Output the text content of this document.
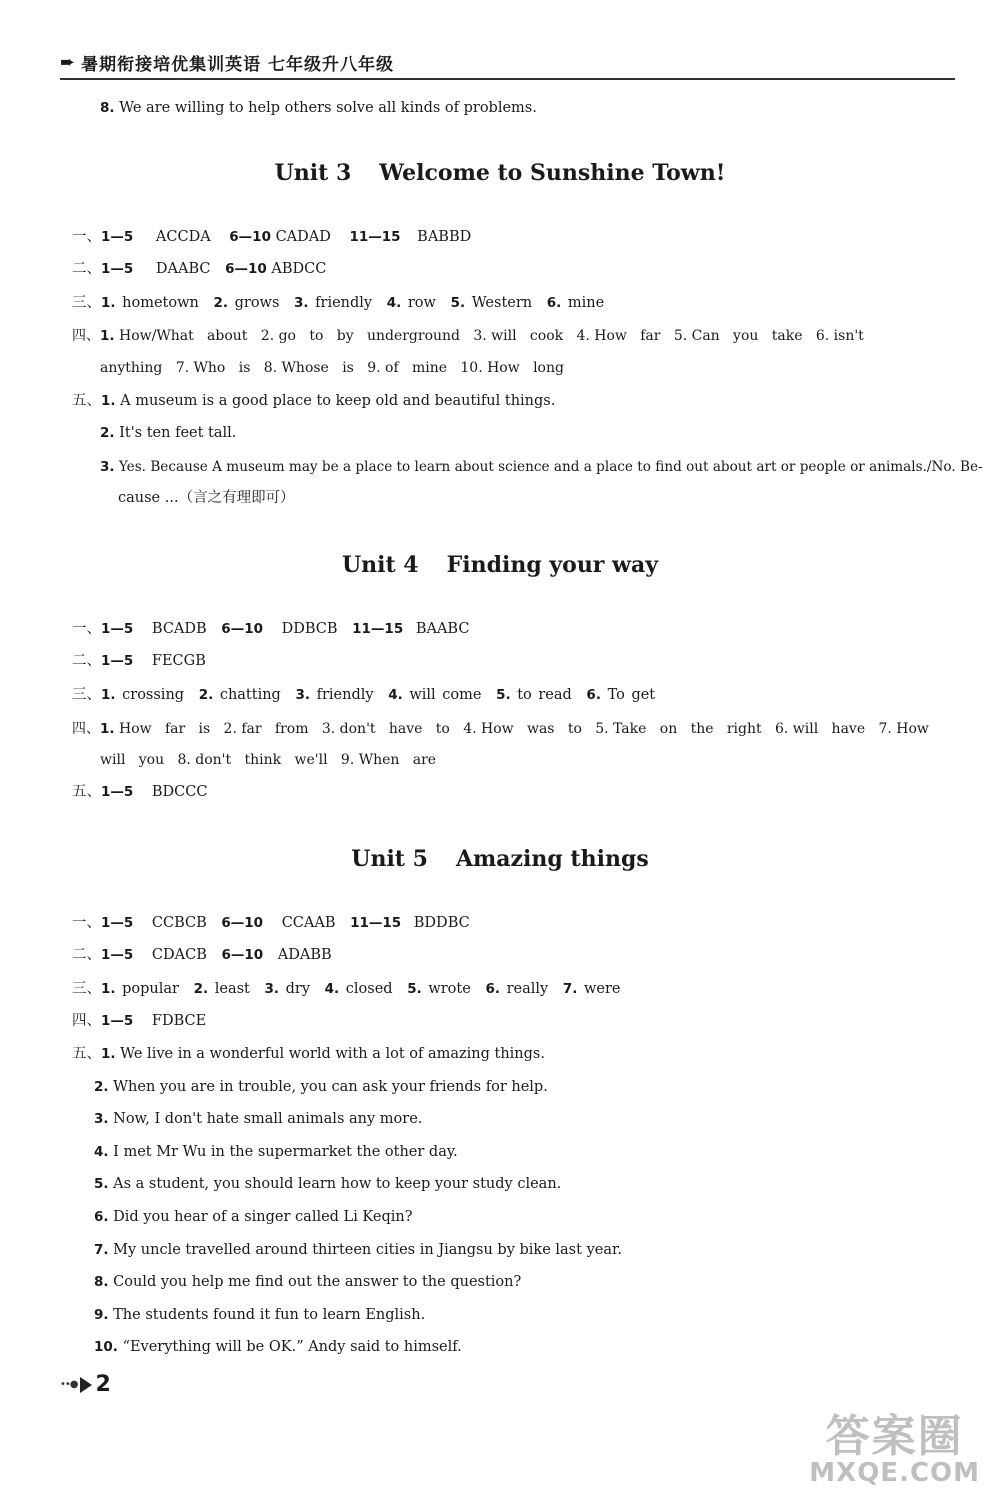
➨ 暑期衔接培优集训英语 七年级升八年级
8. We are willing to help others solve all kinds of problems.
Unit 3 Welcome to Sunshine Town!
一、1—5 ACCDA 6—10 CADAD 11—15 BABBD
二、1—5 DAABC 6—10 ABDCC
三、1. hometown 2. grows 3. friendly 4. row 5. Western 6. mine
四、1. How/What   about   2. go   to   by   underground   3. will   cook   4. How   far   5. Can   you   take   6. isn't
anything   7. Who   is   8. Whose   is   9. of   mine   10. How   long
五、1. A museum is a good place to keep old and beautiful things.
2. It's ten feet tall.
3. Yes. Because A museum may be a place to learn about science and a place to find out about art or people or animals./No. Be-
cause ...（言之有理即可）
Unit 4 Finding your way
一、1—5 BCADB 6—10 DDBCB 11—15 BAABC
二、1—5 FECGB
三、1. crossing 2. chatting 3. friendly 4. will come 5. to read 6. To get
四、1. How   far   is   2. far   from   3. don't   have   to   4. How   was   to   5. Take   on   the   right   6. will   have   7. How
will   you   8. don't   think   we'll   9. When   are
五、1—5 BDCCC
Unit 5 Amazing things
一、1—5 CCBCB 6—10 CCAAB 11—15 BDDBC
二、1—5 CDACB 6—10 ADABB
三、1. popular 2. least 3. dry 4. closed 5. wrote 6. really 7. were
四、1—5 FDBCE
五、1. We live in a wonderful world with a lot of amazing things.
2. When you are in trouble, you can ask your friends for help.
3. Now, I don't hate small animals any more.
4. I met Mr Wu in the supermarket the other day.
5. As a student, you should learn how to keep your study clean.
6. Did you hear of a singer called Li Keqin?
7. My uncle travelled around thirteen cities in Jiangsu by bike last year.
8. Could you help me find out the answer to the question?
9. The students found it fun to learn English.
10. “Everything will be OK.” Andy said to himself.
••● 2
答案圈
MXQE.COM
